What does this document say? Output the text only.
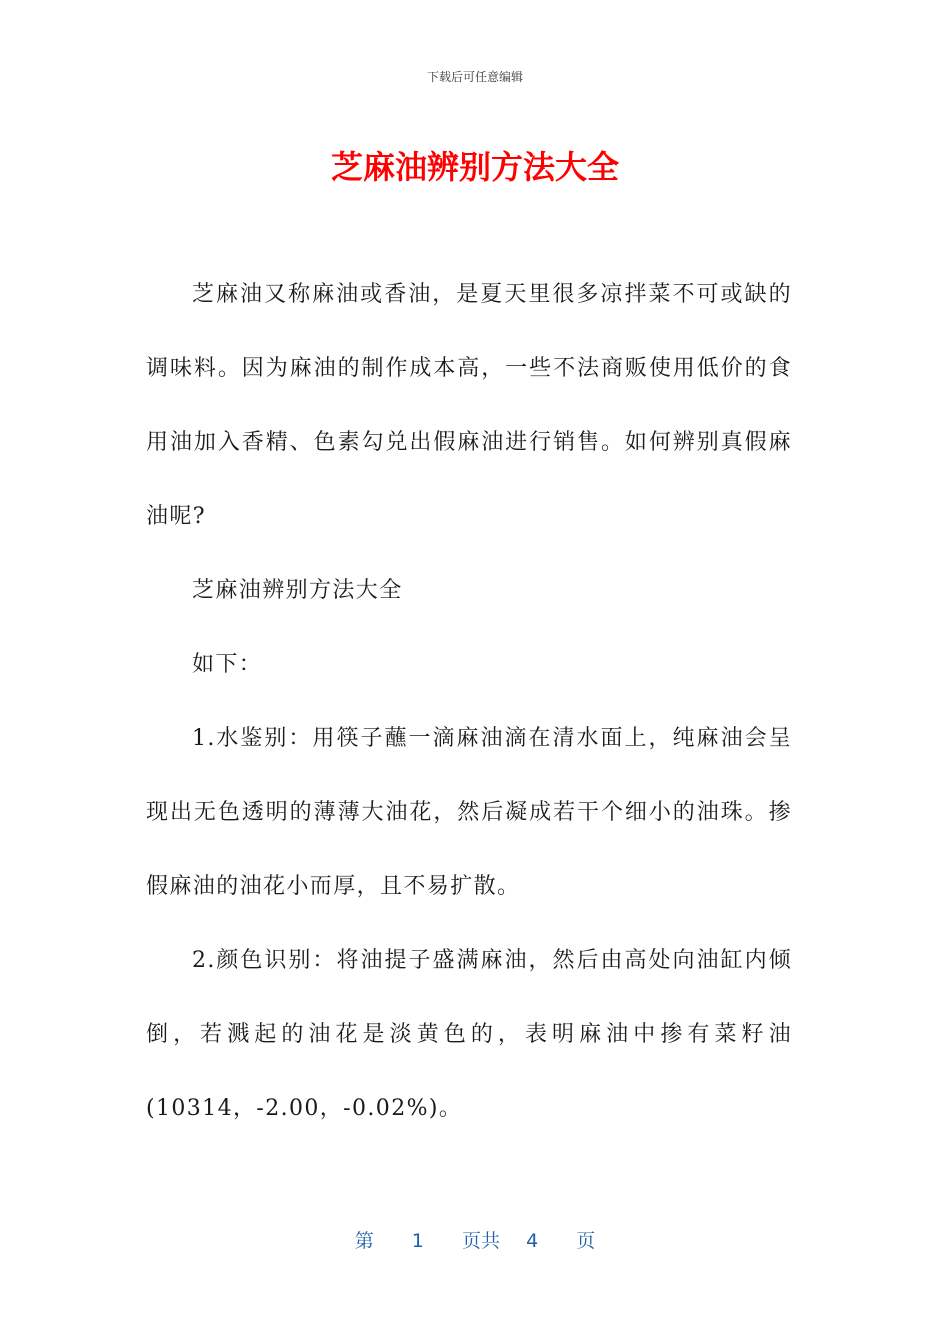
下载后可任意编辑
芝麻油辨别方法大全

芝麻油又称麻油或香油，是夏天里很多凉拌菜不可或缺的调味料。因为麻油的制作成本高，一些不法商贩使用低价的食用油加入香精、色素勾兑出假麻油进行销售。如何辨别真假麻油呢?

芝麻油辨别方法大全

如下：

1.水鉴别：用筷子蘸一滴麻油滴在清水面上，纯麻油会呈现出无色透明的薄薄大油花，然后凝成若干个细小的油珠。掺假麻油的油花小而厚，且不易扩散。

2.颜色识别：将油提子盛满麻油，然后由高处向油缸内倾倒，若溅起的油花是淡黄色的，表明麻油中掺有菜籽油(10314，-2.00，-0.02%)。

第 1 页共 4 页
